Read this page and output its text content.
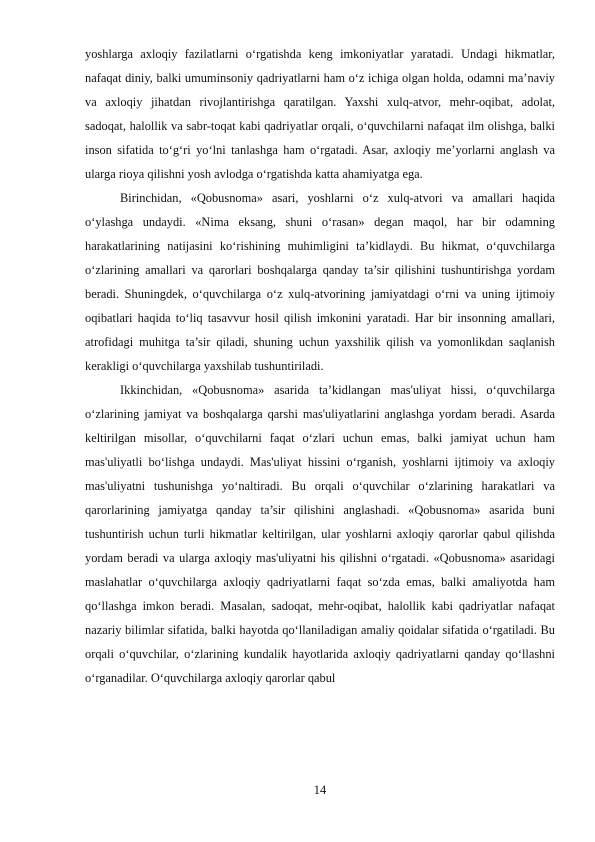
yoshlarga axloqiy fazilatlarni o‘rgatishda keng imkoniyatlar yaratadi. Undagi hikmatlar, nafaqat diniy, balki umuminsoniy qadriyatlarni ham o‘z ichiga olgan holda, odamni ma’naviy va axloqiy jihatdan rivojlantirishga qaratilgan. Yaxshi xulq-atvor, mehr-oqibat, adolat, sadoqat, halollik va sabr-toqat kabi qadriyatlar orqali, o‘quvchilarni nafaqat ilm olishga, balki inson sifatida to‘g‘ri yo‘lni tanlashga ham o‘rgatadi. Asar, axloqiy me’yorlarni anglash va ularga rioya qilishni yosh avlodga o‘rgatishda katta ahamiyatga ega.

Birinchidan, «Qobusnoma» asari, yoshlarni o‘z xulq-atvori va amallari haqida o‘ylashga undaydi. «Nima eksang, shuni o‘rasan» degan maqol, har bir odamning harakatlarining natijasini ko‘rishining muhimligini ta’kidlaydi. Bu hikmat, o‘quvchilarga o‘zlarining amallari va qarorlari boshqalarga qanday ta’sir qilishini tushuntirishga yordam beradi. Shuningdek, o‘quvchilarga o‘z xulq-atvorining jamiyatdagi o‘rni va uning ijtimoiy oqibatlari haqida to‘liq tasavvur hosil qilish imkonini yaratadi. Har bir insonning amallari, atrofidagi muhitga ta’sir qiladi, shuning uchun yaxshilik qilish va yomonlikdan saqlanish kerakligi o‘quvchilarga yaxshilab tushuntiriladi.

Ikkinchidan, «Qobusnoma» asarida ta’kidlangan mas'uliyat hissi, o‘quvchilarga o‘zlarining jamiyat va boshqalarga qarshi mas'uliyatlarini anglashga yordam beradi. Asarda keltirilgan misollar, o‘quvchilarni faqat o‘zlari uchun emas, balki jamiyat uchun ham mas'uliyatli bo‘lishga undaydi. Mas'uliyat hissini o‘rganish, yoshlarni ijtimoiy va axloqiy mas'uliyatni tushunishga yo‘naltiradi. Bu orqali o‘quvchilar o‘zlarining harakatlari va qarorlarining jamiyatga qanday ta’sir qilishini anglashadi. «Qobusnoma» asarida buni tushuntirish uchun turli hikmatlar keltirilgan, ular yoshlarni axloqiy qarorlar qabul qilishda yordam beradi va ularga axloqiy mas'uliyatni his qilishni o‘rgatadi. «Qobusnoma» asaridagi maslahatlar o‘quvchilarga axloqiy qadriyatlarni faqat so‘zda emas, balki amaliyotda ham qo‘llashga imkon beradi. Masalan, sadoqat, mehr-oqibat, halollik kabi qadriyatlar nafaqat nazariy bilimlar sifatida, balki hayotda qo‘llaniladigan amaliy qoidalar sifatida o‘rgatiladi. Bu orqali o‘quvchilar, o‘zlarining kundalik hayotlarida axloqiy qadriyatlarni qanday qo‘llashni o‘rganadilar. O‘quvchilarga axloqiy qarorlar qabul

14
